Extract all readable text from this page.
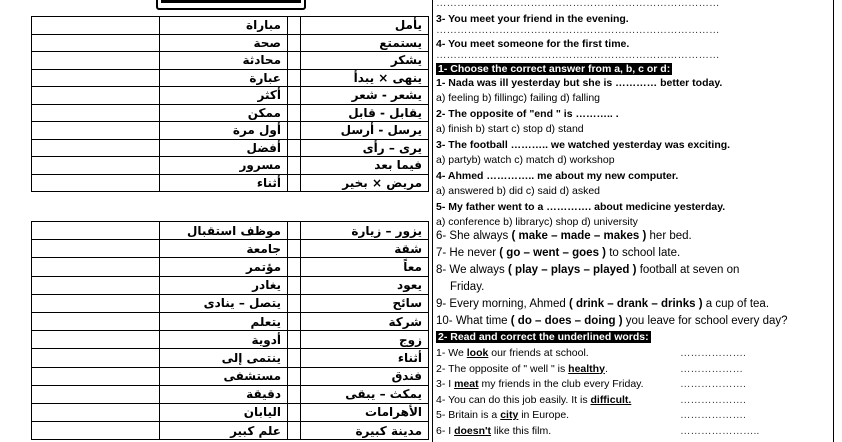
يأمل		مباراة	
يستمتع		صحة	
يشكر		محادثة	
ينهى × يبدأ		عبارة	
يشعر - شعر		أكثر	
يقابل - قابل		ممكن	
يرسل - أرسل		أول مرة	
يرى – رأى		أفضل	
فيما بعد		مسرور	
مريض × بخير		أثناء	
يزور – زيارة		موظف استقبال	
شقة		جامعة	
معاً		مؤتمر	
يعود		يغادر	
سائح		يتصل – ينادى	
شركة		يتعلم	
زوج		أدوية	
أثناء		ينتمى إلى	
فندق		مستشفى	
يمكث – يبقى		دقيقة	
الأهرامات		اليابان	
مدينة كبيرة		علم كبير	
………………………………………………………………………
3- You meet your friend in the evening.
………………………………………………………………………
4- You meet someone for the first time.
………………………………………………………………………
1- Choose the correct answer from a, b, c or d:
1- Nada was ill yesterday but she is ………… better today.
a) feeling b) fillingc) failing d) falling
2- The opposite of "end " is ……….. .
a) finish b) start c) stop d) stand
3- The football ……….. we watched yesterday was exciting.
a) partyb) watch c) match d) workshop
4- Ahmed ………….. me about my new computer.
a) answered b) did c) said d) asked
5- My father went to a …………. about medicine yesterday.
a) conference b) libraryc) shop d) university
6- She always ( make – made – makes ) her bed.
7- He never ( go – went – goes ) to school late.
8- We always ( play – plays – played ) football at seven on
Friday.
9- Every morning, Ahmed ( drink – drank – drinks ) a cup of tea.
10- What time ( do – does – doing ) you leave for school every day?
2- Read and correct the underlined words:
1- We look our friends at school.	……………….
2- The opposite of " well " is healthy.	………………
3- I meat my friends in the club every Friday.	……………….
4- You can do this job easily. It is difficult.	……………….
5- Britain is a city in Europe.	……………….
6- I doesn't like this film.	…………………..
